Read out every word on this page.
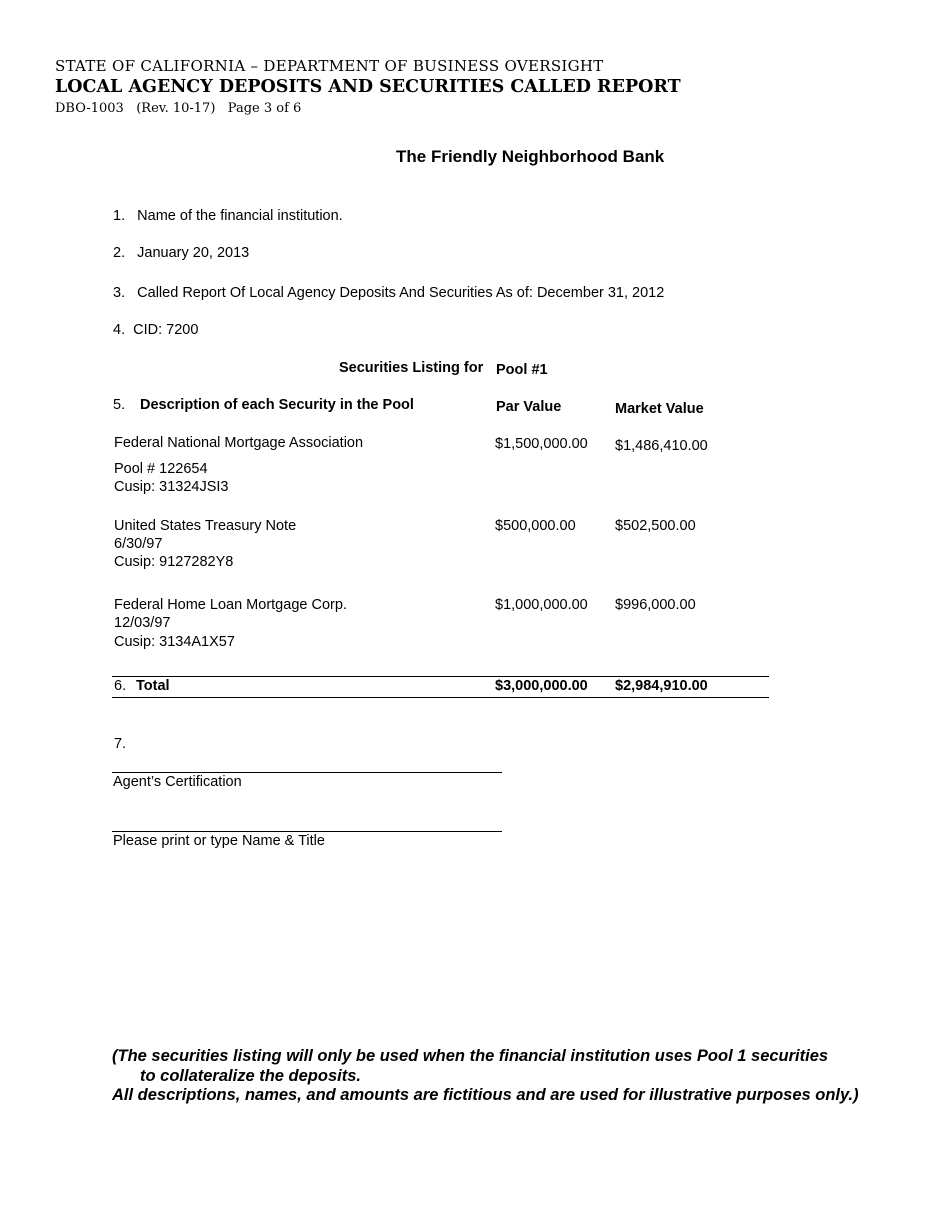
STATE OF CALIFORNIA – DEPARTMENT OF BUSINESS OVERSIGHT
LOCAL AGENCY DEPOSITS AND SECURITIES CALLED REPORT
DBO-1003   (Rev. 10-17)   Page 3 of 6
The Friendly Neighborhood Bank
1.   Name of the financial institution.
2.   January 20, 2013
3.   Called Report Of Local Agency Deposits And Securities As of: December 31, 2012
4.  CID: 7200
Securities Listing for Pool #1
5. Description of each Security in the Pool	Par Value	Market Value
Federal National Mortgage Association
Pool # 122654
Cusip: 31324JSI3
$1,500,000.00 $1,486,410.00
United States Treasury Note
6/30/97
Cusip: 9127282Y8
$500,000.00	$502,500.00
Federal Home Loan Mortgage Corp.
12/03/97
Cusip: 3134A1X57
$1,000,000.00 $996,000.00
6. Total	$3,000,000.00 $2,984,910.00
7.
Agent’s Certification
Please print or type Name & Title
(The securities listing will only be used when the financial institution uses Pool 1 securities
to collateralize the deposits.
All descriptions, names, and amounts are fictitious and are used for illustrative purposes only.)
